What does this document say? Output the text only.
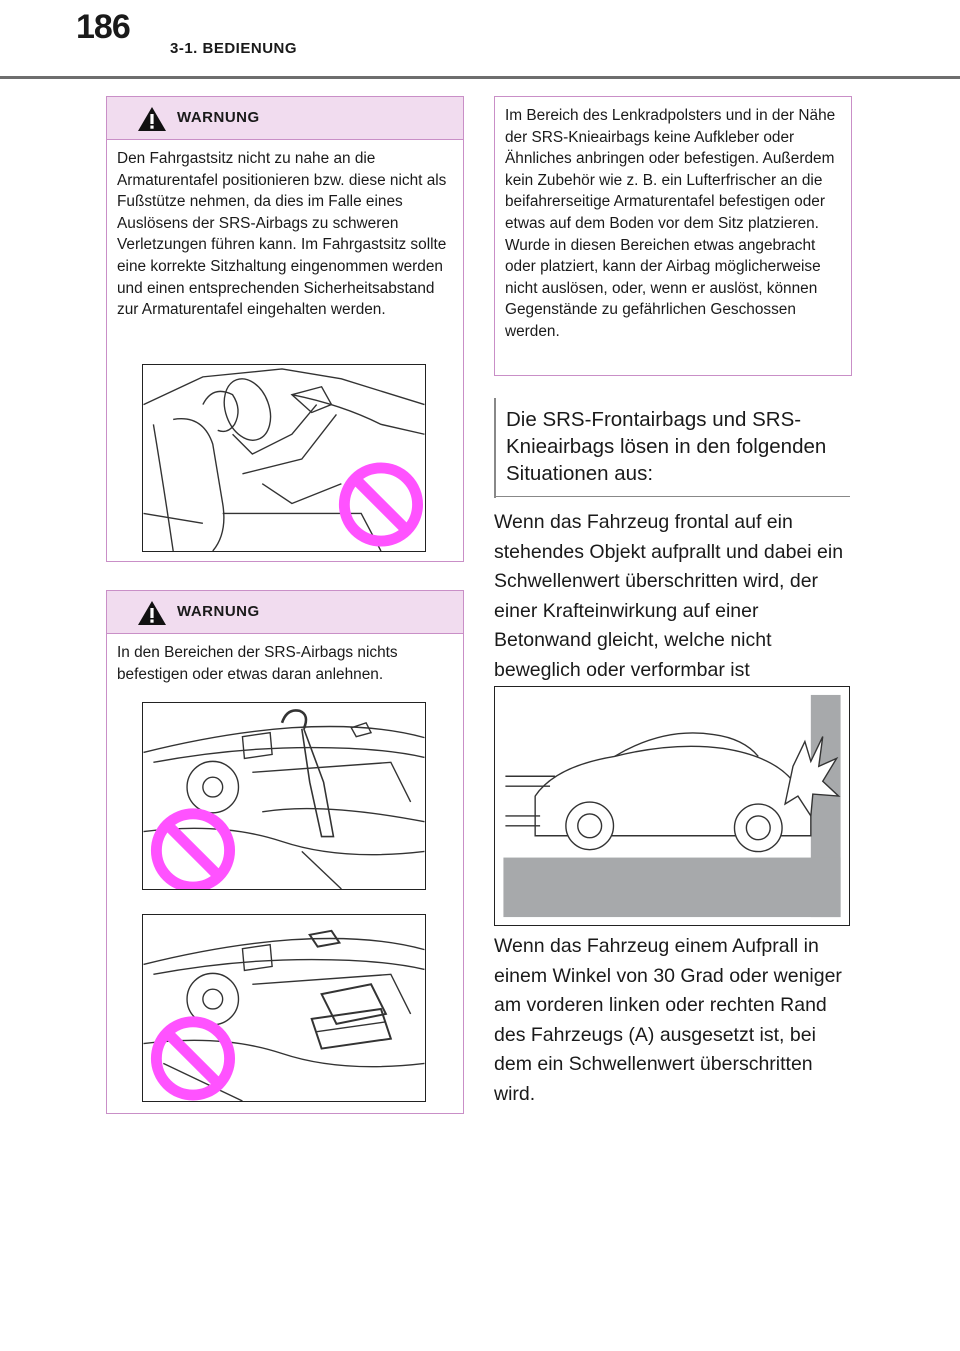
186
3-1. BEDIENUNG
WARNUNG
Den Fahrgastsitz nicht zu nahe an die Armaturentafel positionieren bzw. diese nicht als Fußstütze nehmen, da dies im Falle eines Auslösens der SRS-Airbags zu schweren Verletzungen führen kann. Im Fahrgastsitz sollte eine korrekte Sitzhaltung eingenommen werden und einen entsprechenden Sicherheitsabstand zur Armaturentafel eingehalten werden.
WARNUNG
In den Bereichen der SRS-Airbags nichts befestigen oder etwas daran anlehnen.
Im Bereich des Lenkradpolsters und in der Nähe der SRS-Knieairbags keine Aufkleber oder Ähnliches anbringen oder befestigen. Außerdem kein Zubehör wie z. B. ein Lufterfrischer an die beifahrerseitige Armaturentafel befestigen oder etwas auf dem Boden vor dem Sitz platzieren. Wurde in diesen Bereichen etwas angebracht oder platziert, kann der Airbag möglicherweise nicht auslösen, oder, wenn er auslöst, können Gegenstände zu gefährlichen Geschossen werden.
Die SRS-Frontairbags und SRS-Knieairbags lösen in den folgenden Situationen aus:
Wenn das Fahrzeug frontal auf ein stehendes Objekt aufprallt und dabei ein Schwellenwert überschritten wird, der einer Krafteinwirkung auf einer Betonwand gleicht, welche nicht beweglich oder verformbar ist
Wenn das Fahrzeug einem Aufprall in einem Winkel von 30 Grad oder weniger am vorderen linken oder rechten Rand des Fahrzeugs (A) ausgesetzt ist, bei dem ein Schwellenwert überschritten wird.
